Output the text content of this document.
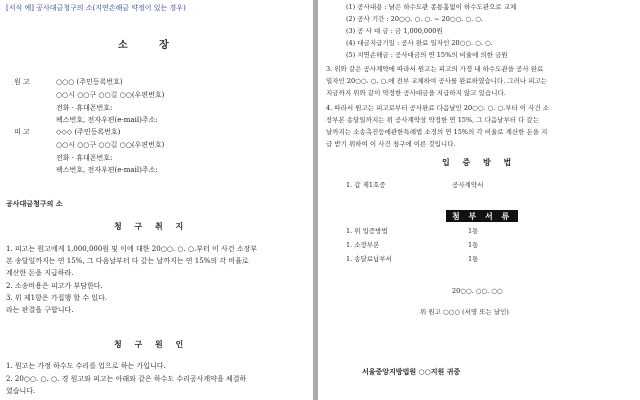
[서식 예] 공사대금청구의 소(지연손해금 약정이 있는 경우)
소 장
원 고	○○○ (주민등록번호)
○○시 ○○구 ○○길 ○○(우편번호)
전화 · 휴대폰번호:
팩스번호, 전자우편(e-mail)주소:
피 고	◇◇◇ (주민등록번호)
○○시 ○○구 ○○길 ○○(우편번호)
전화 · 휴대폰번호:
팩스번호, 전자우편(e-mail)주소:
공사대금청구의 소
청 구 취 지
1. 피고는 원고에게 1,000,000원 및 이에 대한 20○○. ○. ○.부터 이 사건 소장부
본 송달일까지는 연 15%, 그 다음날부터 다 갚는 날까지는 연 15%의 각 비율로
계산한 돈을 지급하라.
2. 소송비용은 피고가 부담한다.
3. 위 제1항은 가집행 할 수 있다.
라는 판결을 구합니다.
청 구 원 인
1. 원고는 가정 하수도 수리를 업으로 하는 가입니다.
2. 20○○. ○. ○. 경 원고와 피고는 아래와 같은 하수도 수리공사계약을 체결하
였습니다.
(1) 공사내용 : 낡은 하수도관 종통홈없이 하수도관으로 교체
(2) 공사 기간 : 20○○. ○. ○. ~ 20○○. ○. ○.
(3) 공 사 대 금 : 금 1,000,000원
(4) 대금지급기일 : 공사 완료 일자인 20○○. ○. ○.
(5) 지연손해금 : 공사대금의 연 15%의 비율에 의한 금원
3. 위와 같은 공사계약에 따라서 원고는 피고의 가정 내 하수도관을 공사 완료
일자인 20○○. ○. ○.에 전부 교체하여 공사를 완료하였습니다. 그러나 피고는
지금까지 위와 같이 약정한 공사대금을 지급하지 않고 있습니다.
4. 따라서 원고는 피고로부터 공사완료 다음날인 20○○. ○. ○.부터 이 사건 소
장부본 송달일까지는 위 공사계약상 약정한 연 15%, 그 다음날부터 다 갚는
날까지는 소송촉진등에관한특례법 소정의 연 15%의 각 비율로 계산한 돈을 지
급 받기 위하여 이 사건 청구에 이른 것입니다.
입 증 방 법
1. 갑 제1호증	공사계약서
첨 부 서 류
1. 위 입증방법	1통
1. 소장부본	1통
1. 송달료납부서	1통
20○○. ○○. ○○
위 원고 ○○○ (서명 또는 날인)
서울중앙지방법원 ○○지원 귀중
